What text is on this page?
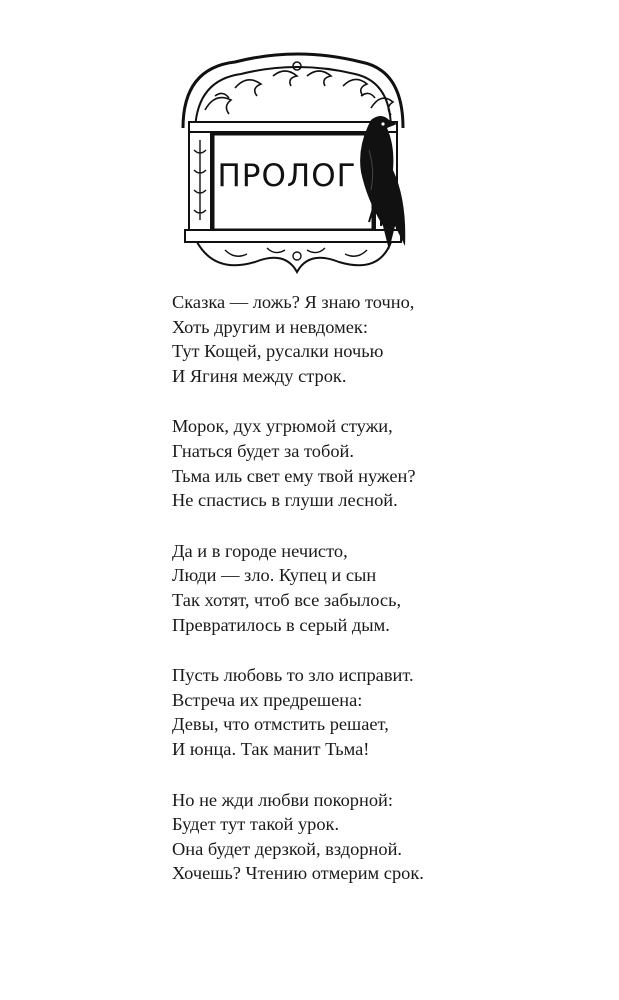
ПРОЛОГ
Сказка — ложь? Я знаю точно,
Хоть другим и невдомек:
Тут Кощей, русалки ночью
И Ягиня между строк.
Морок, дух угрюмой стужи,
Гнаться будет за тобой.
Тьма иль свет ему твой нужен?
Не спастись в глуши лесной.
Да и в городе нечисто,
Люди — зло. Купец и сын
Так хотят, чтоб все забылось,
Превратилось в серый дым.
Пусть любовь то зло исправит.
Встреча их предрешена:
Девы, что отмстить решает,
И юнца. Так манит Тьма!
Но не жди любви покорной:
Будет тут такой урок.
Она будет дерзкой, вздорной.
Хочешь? Чтению отмерим срок.
